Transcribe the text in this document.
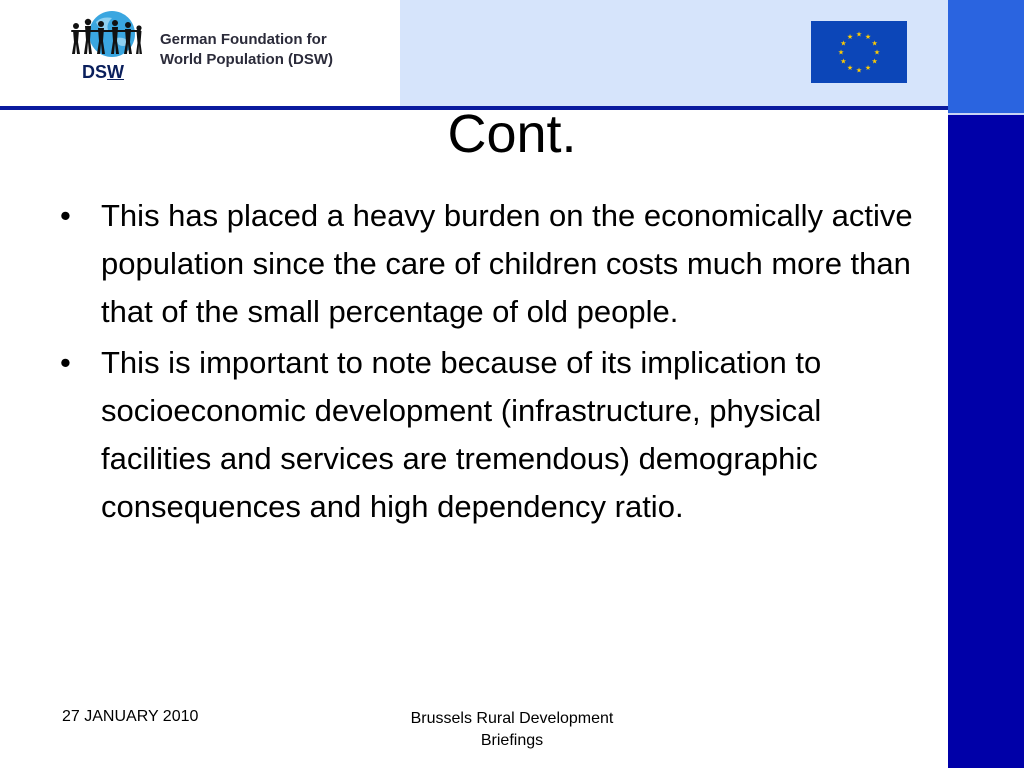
DSW
German Foundation for
World Population (DSW)
★ ★
★
★
★
★
★
★
★
★
★
★
Cont.
• This has placed a heavy burden on the economically active population since the care of children costs much more than that of the small percentage of old people.
• This is important to note because of its implication to socioeconomic development (infrastructure, physical facilities and services are tremendous) demographic consequences and high dependency ratio.
27 JANUARY 2010	Brussels Rural Development
Briefings
